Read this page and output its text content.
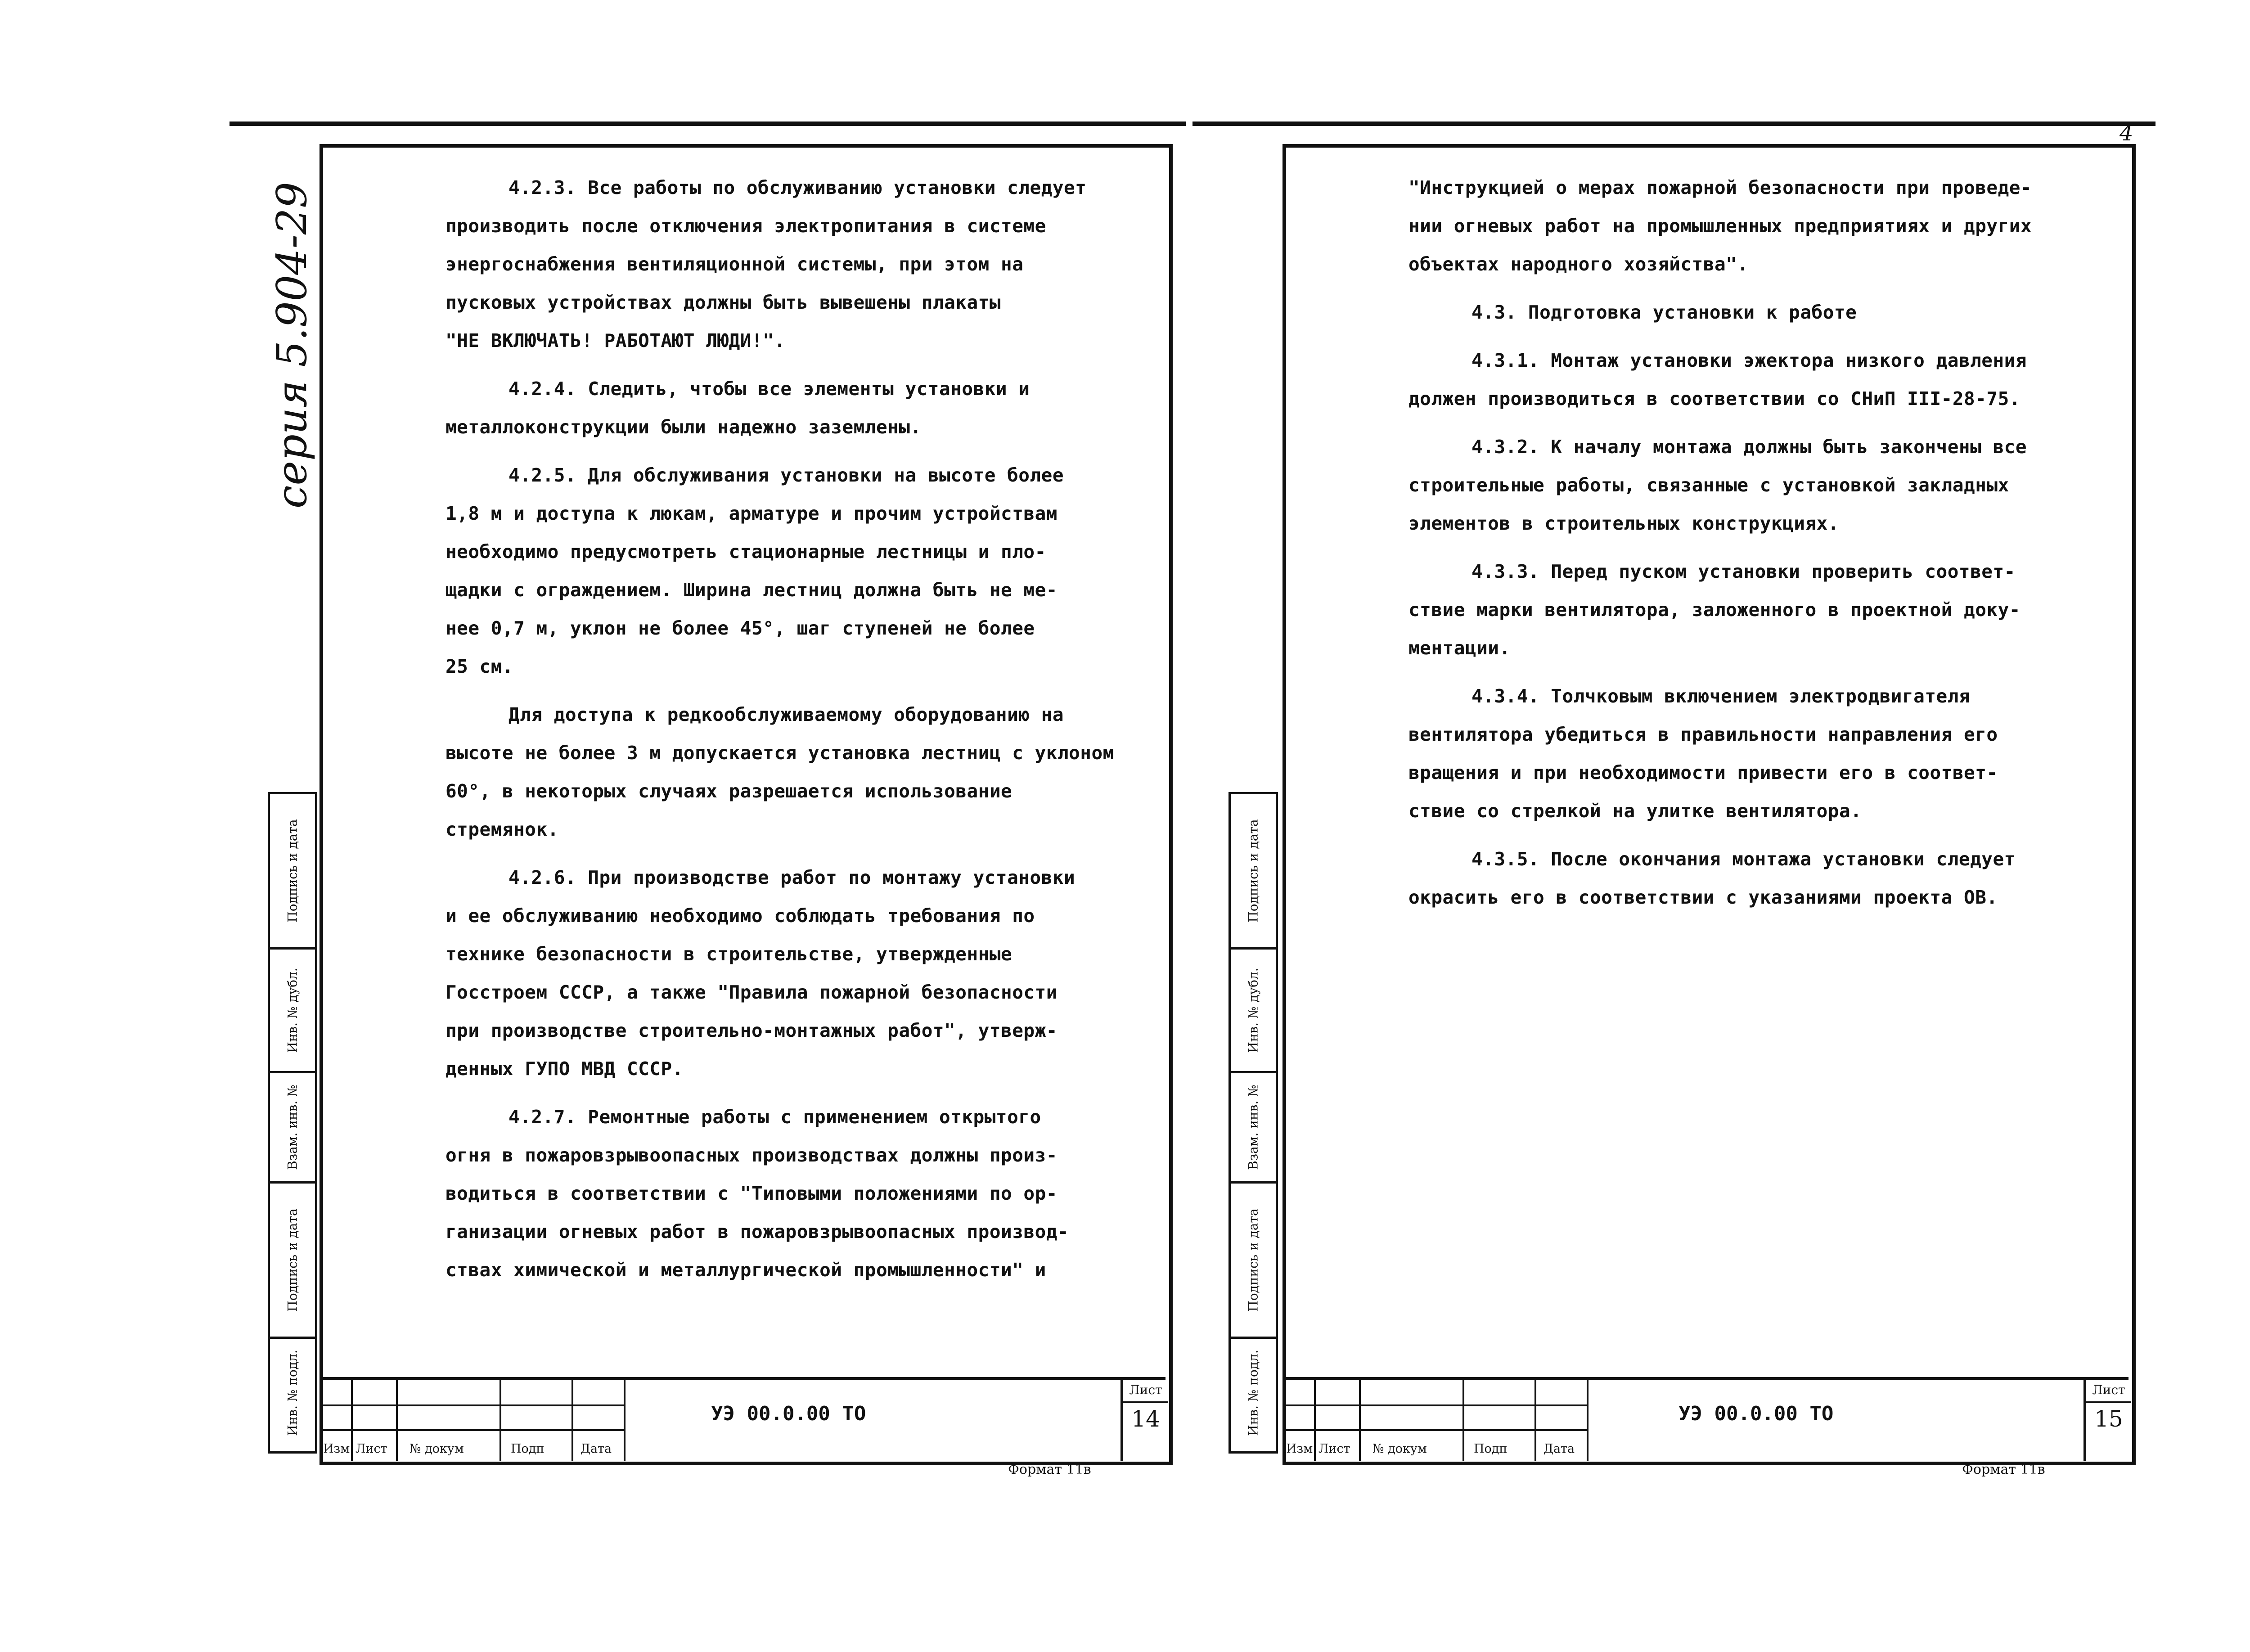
серия 5.904-29
Подпись и дата
Инв. № дубл.
Взам. инв. №
Подпись и дата
Инв. № подл.

4.2.3. Все работы по обслуживанию установки следует
производить после отключения электропитания в системе
энергоснабжения вентиляционной системы, при этом на
пусковых устройствах должны быть вывешены плакаты
"НЕ ВКЛЮЧАТЬ! РАБОТАЮТ ЛЮДИ!".

4.2.4. Следить, чтобы все элементы установки и
металлоконструкции были надежно заземлены.

4.2.5. Для обслуживания установки на высоте более
1,8 м и доступа к люкам, арматуре и прочим устройствам
необходимо предусмотреть стационарные лестницы и пло-
щадки с ограждением. Ширина лестниц должна быть не ме-
нее 0,7 м, уклон не более 45°, шаг ступеней не более
25 см.

Для доступа к редкообслуживаемому оборудованию на
высоте не более 3 м допускается установка лестниц с уклоном
60°, в некоторых случаях разрешается использование
стремянок.

4.2.6. При производстве работ по монтажу установки
и ее обслуживанию необходимо соблюдать требования по
технике безопасности в строительстве, утвержденные
Госстроем СССР, а также "Правила пожарной безопасности
при производстве строительно-монтажных работ", утверж-
денных ГУПО МВД СССР.

4.2.7. Ремонтные работы с применением открытого
огня в пожаровзрывоопасных производствах должны произ-
водиться в соответствии с "Типовыми положениями по ор-
ганизации огневых работ в пожаровзрывоопасных производ-
ствах химической и металлургической промышленности" и

Изм Лист № докум	Подп	Дата
УЭ 00.0.00 ТО
Лист
14
Формат 11в
4
Подпись и дата
Инв. № дубл.
Взам. инв. №
Подпись и дата
Инв. № подл.

"Инструкцией о мерах пожарной безопасности при проведе-
нии огневых работ на промышленных предприятиях и других
объектах народного хозяйства".

4.3. Подготовка установки к работе

4.3.1. Монтаж установки эжектора низкого давления
должен производиться в соответствии со СНиП III-28-75.

4.3.2. К началу монтажа должны быть закончены все
строительные работы, связанные с установкой закладных
элементов в строительных конструкциях.

4.3.3. Перед пуском установки проверить соответ-
ствие марки вентилятора, заложенного в проектной доку-
ментации.

4.3.4. Толчковым включением электродвигателя
вентилятора убедиться в правильности направления его
вращения и при необходимости привести его в соответ-
ствие со стрелкой на улитке вентилятора.

4.3.5. После окончания монтажа установки следует
окрасить его в соответствии с указаниями проекта ОВ.

Изм Лист № докум	Подп	Дата
УЭ 00.0.00 ТО
Лист
15
Формат 11в
